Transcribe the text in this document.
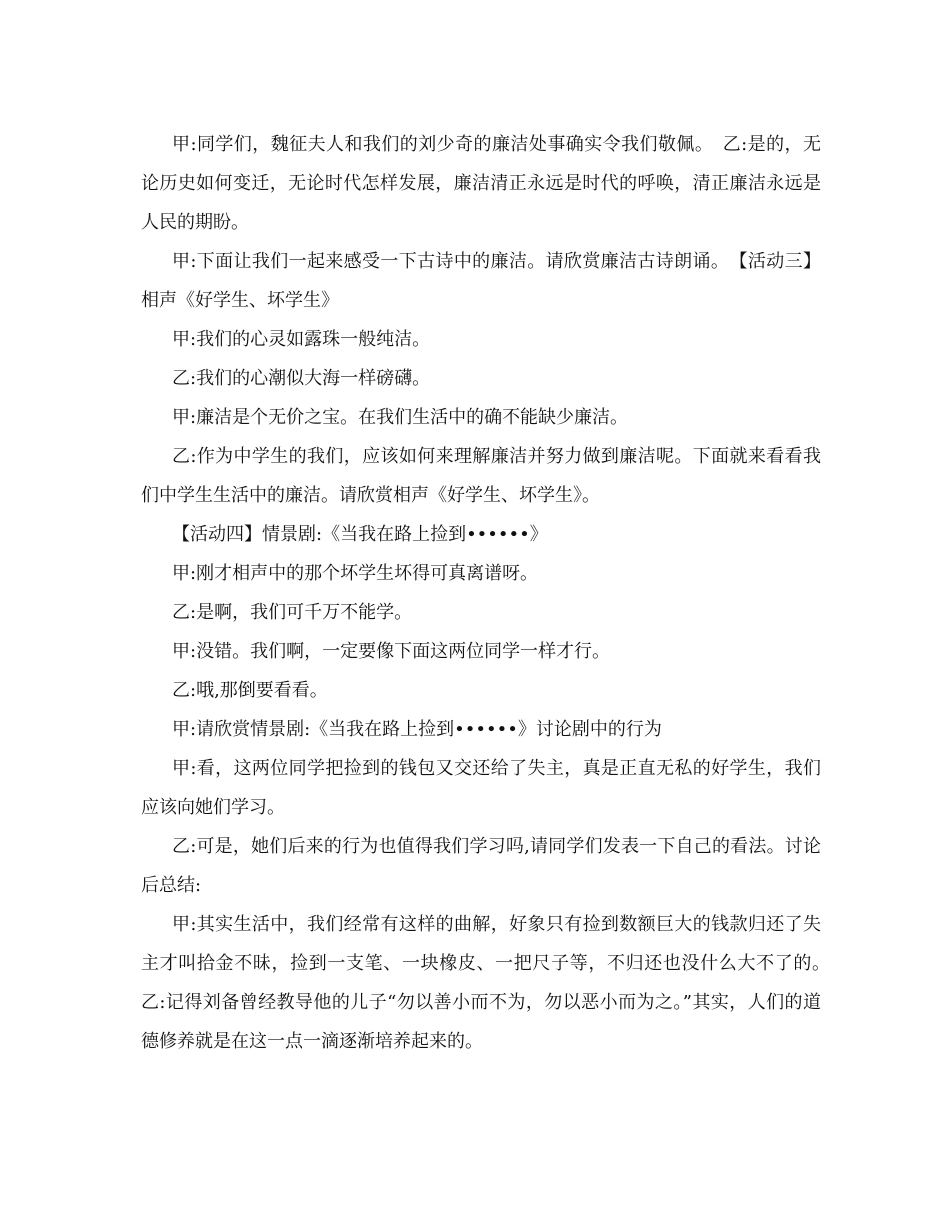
甲:同学们，魏征夫人和我们的刘少奇的廉洁处事确实令我们敬佩。　乙:是的，无论历史如何变迁，无论时代怎样发展，廉洁清正永远是时代的呼唤，清正廉洁永远是人民的期盼。

甲:下面让我们一起来感受一下古诗中的廉洁。请欣赏廉洁古诗朗诵。　【活动三】相声《好学生、坏学生》

甲:我们的心灵如露珠一般纯洁。

乙:我们的心潮似大海一样磅礴。

甲:廉洁是个无价之宝。在我们生活中的确不能缺少廉洁。

乙:作为中学生的我们，应该如何来理解廉洁并努力做到廉洁呢。下面就来看看我们中学生生活中的廉洁。请欣赏相声《好学生、坏学生》。

【活动四】情景剧:《当我在路上捡到••••••》

甲:刚才相声中的那个坏学生坏得可真离谱呀。

乙:是啊，我们可千万不能学。

甲:没错。我们啊，一定要像下面这两位同学一样才行。

乙:哦,那倒要看看。

甲:请欣赏情景剧:《当我在路上捡到••••••》讨论剧中的行为

甲:看，这两位同学把捡到的钱包又交还给了失主，真是正直无私的好学生，我们应该向她们学习。

乙:可是，她们后来的行为也值得我们学习吗,请同学们发表一下自己的看法。讨论后总结:

甲:其实生活中，我们经常有这样的曲解，好象只有捡到数额巨大的钱款归还了失主才叫拾金不昧，捡到一支笔、一块橡皮、一把尺子等，不归还也没什么大不了的。　乙:记得刘备曾经教导他的儿子“勿以善小而不为，勿以恶小而为之。”其实，人们的道德修养就是在这一点一滴逐渐培养起来的。
